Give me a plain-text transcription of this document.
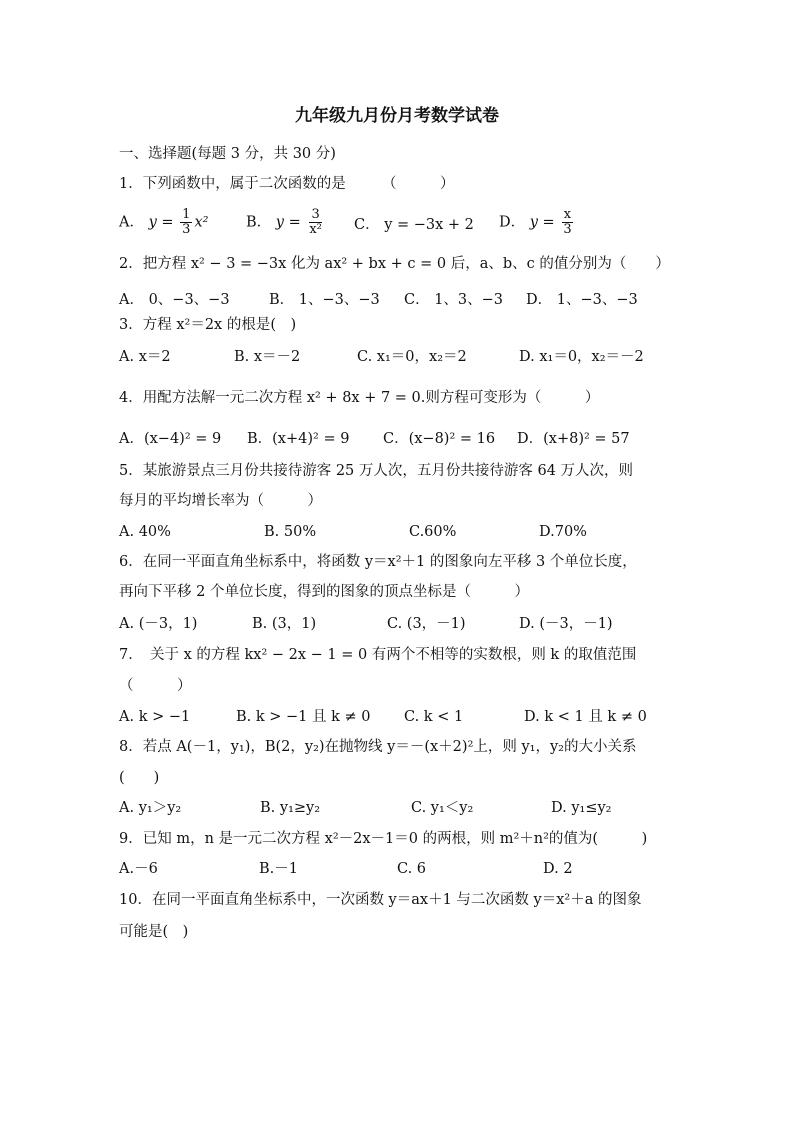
九年级九月份月考数学试卷
一、选择题(每题 3 分，共 30 分)
1．下列函数中，属于二次函数的是　　　（　　　）
A． $y = \frac{1}{3} x^2$	B． $y = \frac{3}{\text{x²}}$ C． y = −3x + 2 D． $y = \frac{x}{3}$
2．把方程 x² − 3 = −3x 化为 ax² + bx + c = 0 后，a、b、c 的值分别为（　　）
A． 0、−3、−3	B． 1、−3、−3 C． 1、3、−3 D． 1、−3、−3
3．方程 x²＝2x 的根是(　)
A. x＝2	B. x＝－2	C. x₁＝0，x₂＝2	D. x₁＝0，x₂＝－2
4．用配方法解一元二次方程 x² + 8x + 7 = 0.则方程可变形为（　　　）
A．(x−4)² = 9 B．(x+4)² = 9 C．(x−8)² = 16 D．(x+8)² = 57
5．某旅游景点三月份共接待游客 25 万人次，五月份共接待游客 64 万人次，则
每月的平均增长率为（　　　）
A. 40%	B. 50%	C.60%	D.70%
6．在同一平面直角坐标系中，将函数 y＝x²＋1 的图象向左平移 3 个单位长度，
再向下平移 2 个单位长度，得到的图象的顶点坐标是（　　　）
A. (－3，1)	B. (3，1)	C. (3，－1)	D. (－3，－1)
7．　关于 x 的方程 kx² − 2x − 1 = 0 有两个不相等的实数根，则 k 的取值范围
（　　　）
A. k > −1	B. k > −1 且 k ≠ 0 C. k < 1	D. k < 1 且 k ≠ 0
8．若点 A(－1，y₁)，B(2，y₂)在抛物线 y＝－(x＋2)²上，则 y₁，y₂的大小关系
(　　)
A. y₁＞y₂	B. y₁≥y₂	C. y₁＜y₂	D. y₁≤y₂
9．已知 m，n 是一元二次方程 x²－2x－1＝0 的两根，则 m²＋n²的值为(　　　)
A.－6	B.－1	C. 6	D. 2
10．在同一平面直角坐标系中，一次函数 y＝ax＋1 与二次函数 y＝x²＋a 的图象
可能是(　)
